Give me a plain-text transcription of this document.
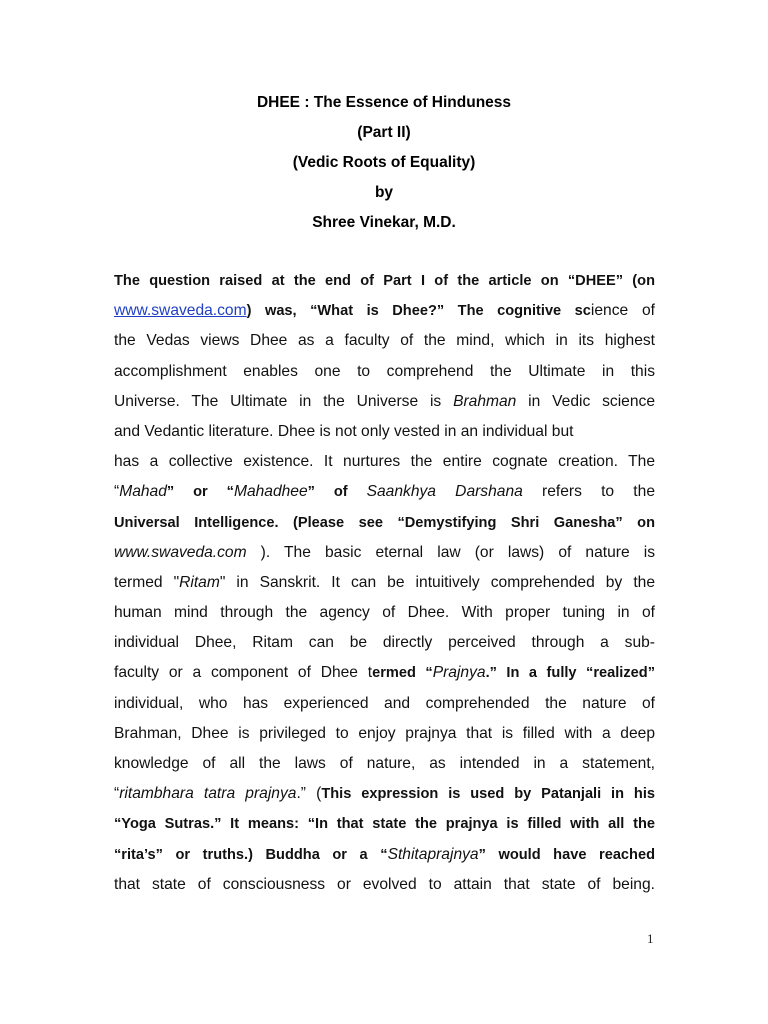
DHEE : The Essence of Hinduness
(Part II)
(Vedic Roots of Equality)
by
Shree Vinekar, M.D.
The question raised at the end of Part I of the article on “DHEE” (on
www.swaveda.com) was, “What is Dhee?” The cognitive science of
the Vedas views Dhee as a faculty of the mind, which in its highest
accomplishment enables one to comprehend the Ultimate in this
Universe. The Ultimate in the Universe is Brahman in Vedic science
and Vedantic literature. Dhee is not only vested in an individual but
has a collective existence. It nurtures the entire cognate creation. The
“Mahad” or “Mahadhee” of Saankhya Darshana refers to the
Universal Intelligence. (Please see “Demystifying Shri Ganesha” on
www.swaveda.com ). The basic eternal law (or laws) of nature is
termed "Ritam" in Sanskrit. It can be intuitively comprehended by the
human mind through the agency of Dhee. With proper tuning in of
individual Dhee, Ritam can be directly perceived through a sub-
faculty or a component of Dhee termed “Prajnya.” In a fully “realized”
individual, who has experienced and comprehended the nature of
Brahman, Dhee is privileged to enjoy prajnya that is filled with a deep
knowledge of all the laws of nature, as intended in a statement,
“ritambhara tatra prajnya.” (This expression is used by Patanjali in his
“Yoga Sutras.” It means: “In that state the prajnya is filled with all the
“rita’s” or truths.) Buddha or a “Sthitaprajnya” would have reached
that state of consciousness or evolved to attain that state of being.
1
